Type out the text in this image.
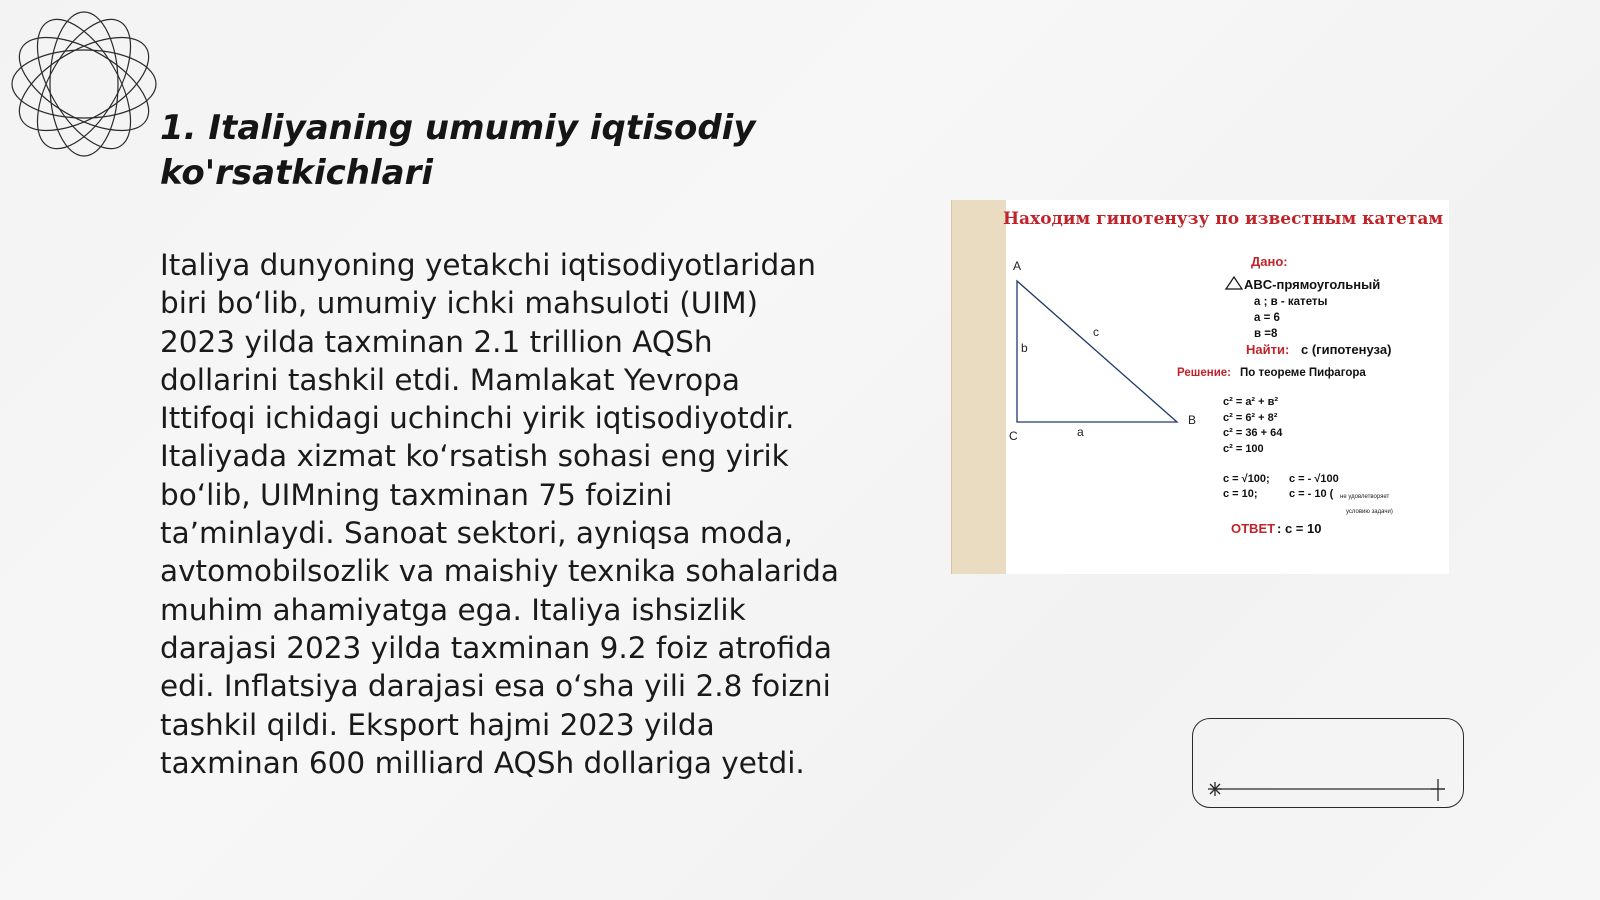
1. Italiyaning umumiy iqtisodiy ko'rsatkichlari

Italiya dunyoning yetakchi iqtisodiyotlaridan biri bo‘lib, umumiy ichki mahsuloti (UIM) 2023 yilda taxminan 2.1 trillion AQSh dollarini tashkil etdi. Mamlakat Yevropa Ittifoqi ichidagi uchinchi yirik iqtisodiyotdir. Italiyada xizmat ko‘rsatish sohasi eng yirik bo‘lib, UIMning taxminan 75 foizini ta’minlaydi. Sanoat sektori, ayniqsa moda, avtomobilsozlik va maishiy texnika sohalarida muhim ahamiyatga ega. Italiya ishsizlik darajasi 2023 yilda taxminan 9.2 foiz atrofida edi. Inflatsiya darajasi esa o‘sha yili 2.8 foizni tashkil qildi. Eksport hajmi 2023 yilda taxminan 600 milliard AQSh dollariga yetdi.

Находим гипотенузу по известным катетам
A
B
C	a
b
c
Дано:
ABC-прямоугольный
а ; в - катеты
а = 6
в =8
Найти: с (гипотенуза)
Решение: По теореме Пифагора
c² = a² + в²
c² = 6² + 8²
c² = 36 + 64
c² = 100
c = √100; c = - √100
c = 10;	c = - 10 ( не удовлетворяет
условию задачи)
ОТВЕТ : c = 10
